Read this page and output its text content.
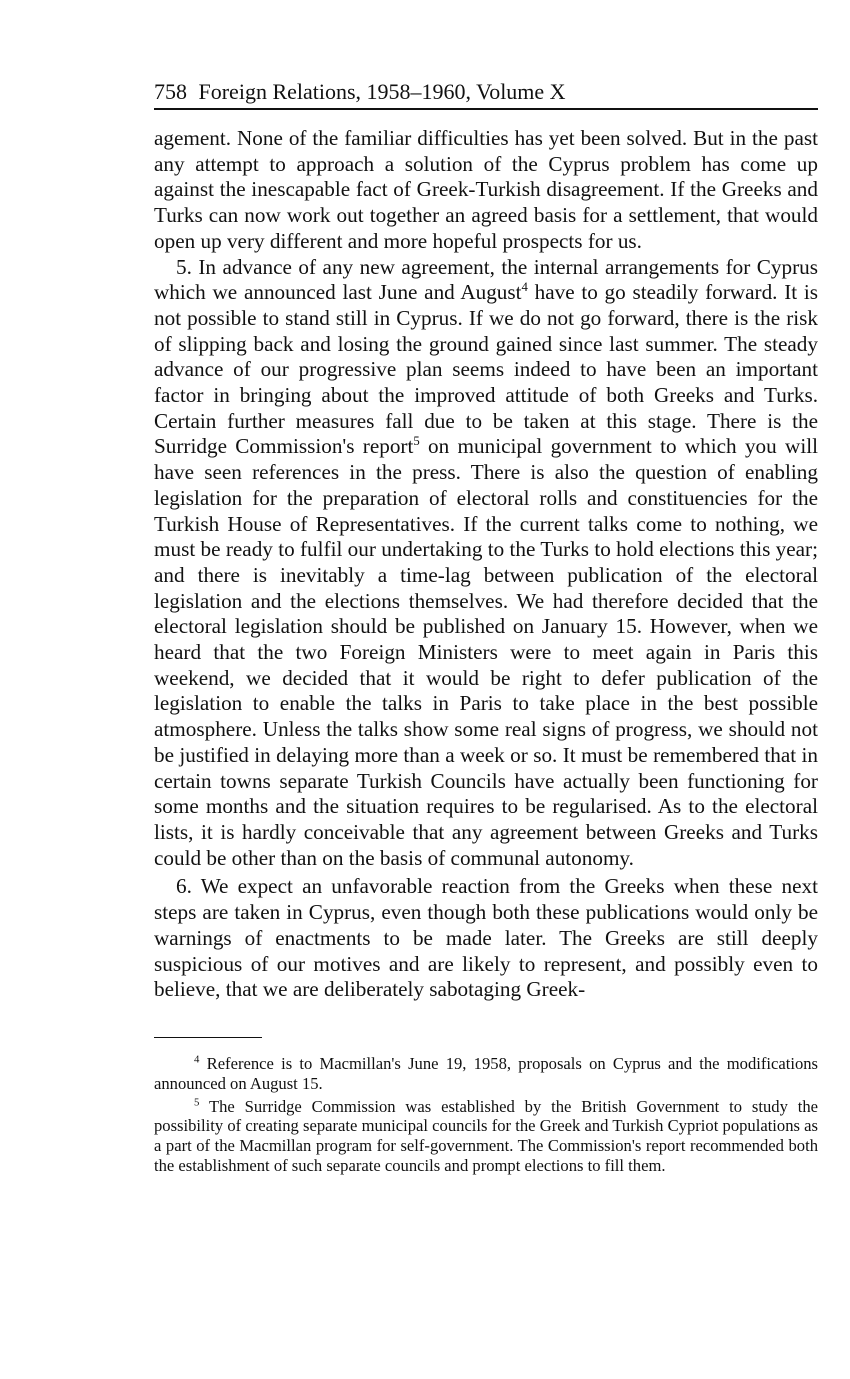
758 Foreign Relations, 1958–1960, Volume X

agement. None of the familiar difficulties has yet been solved. But in the past any attempt to approach a solution of the Cyprus problem has come up against the inescapable fact of Greek-Turkish disagreement. If the Greeks and Turks can now work out together an agreed basis for a settlement, that would open up very different and more hopeful prospects for us.

5. In advance of any new agreement, the internal arrangements for Cyprus which we announced last June and August$^4$ have to go steadily forward. It is not possible to stand still in Cyprus. If we do not go forward, there is the risk of slipping back and losing the ground gained since last summer. The steady advance of our progressive plan seems indeed to have been an important factor in bringing about the improved attitude of both Greeks and Turks. Certain further measures fall due to be taken at this stage. There is the Surridge Commission's report$^5$ on municipal government to which you will have seen references in the press. There is also the question of enabling legislation for the preparation of electoral rolls and constituencies for the Turkish House of Representatives. If the current talks come to nothing, we must be ready to fulfil our undertaking to the Turks to hold elections this year; and there is inevitably a time-lag between publication of the electoral legislation and the elections themselves. We had therefore decided that the electoral legislation should be published on January 15. However, when we heard that the two Foreign Ministers were to meet again in Paris this weekend, we decided that it would be right to defer publication of the legislation to enable the talks in Paris to take place in the best possible atmosphere. Unless the talks show some real signs of progress, we should not be justified in delaying more than a week or so. It must be remembered that in certain towns separate Turkish Councils have actually been functioning for some months and the situation requires to be regularised. As to the electoral lists, it is hardly conceivable that any agreement between Greeks and Turks could be other than on the basis of communal autonomy.

6. We expect an unfavorable reaction from the Greeks when these next steps are taken in Cyprus, even though both these publications would only be warnings of enactments to be made later. The Greeks are still deeply suspicious of our motives and are likely to represent, and possibly even to believe, that we are deliberately sabotaging Greek-

$^4$ Reference is to Macmillan's June 19, 1958, proposals on Cyprus and the modifications announced on August 15.

$^5$ The Surridge Commission was established by the British Government to study the possibility of creating separate municipal councils for the Greek and Turkish Cypriot populations as a part of the Macmillan program for self-government. The Commission's report recommended both the establishment of such separate councils and prompt elections to fill them.
